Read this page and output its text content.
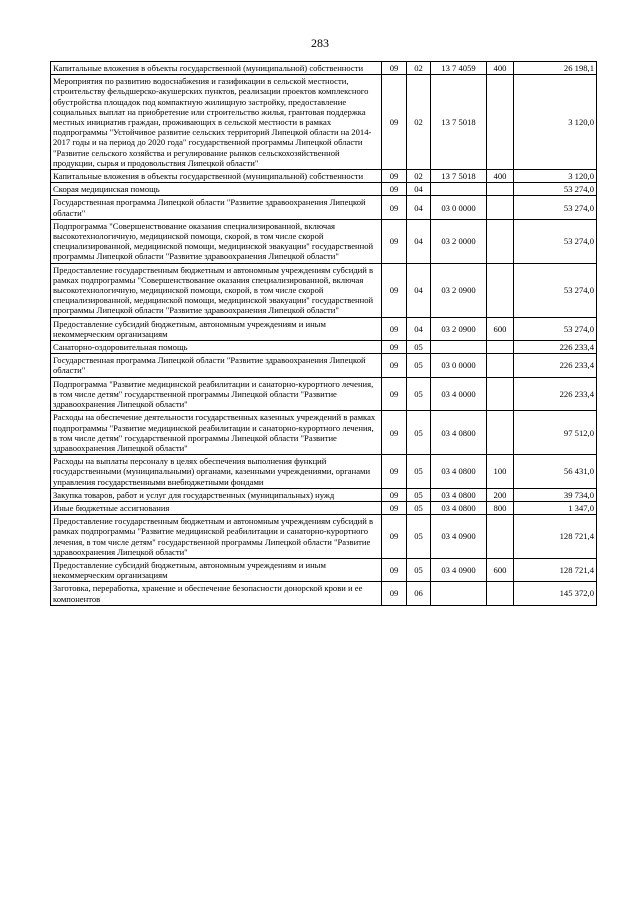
283
Капитальные вложения в объекты государственной (муниципальной) собственности	09	02	13 7 4059	400	26 198,1
Мероприятия по развитию водоснабжения и газификации в сельской местности, строительству фельдшерско-акушерских пунктов, реализации проектов комплексного обустройства площадок под компактную жилищную застройку, предоставление социальных выплат на приобретение или строительство жилья, грантовая поддержка местных инициатив граждан, проживающих в сельской местности в рамках подпрограммы "Устойчивое развитие сельских территорий Липецкой области на 2014-2017 годы и на период до 2020 года" государственной программы Липецкой области "Развитие сельского хозяйства и регулирование рынков сельскохозяйственной продукции, сырья и продовольствия Липецкой области"	09	02	13 7 5018		3 120,0
Капитальные вложения в объекты государственной (муниципальной) собственности	09	02	13 7 5018	400	3 120,0
Скорая медицинская помощь	09	04			53 274,0
Государственная программа Липецкой области "Развитие здравоохранения Липецкой области"	09	04	03 0 0000		53 274,0
Подпрограмма "Совершенствование оказания специализированной, включая высокотехнологичную, медицинской помощи, скорой, в том числе скорой специализированной, медицинской помощи, медицинской эвакуации" государственной программы Липецкой области "Развитие здравоохранения Липецкой области"	09	04	03 2 0000		53 274,0
Предоставление государственным бюджетным и автономным учреждениям субсидий в рамках подпрограммы "Совершенствование оказания специализированной, включая высокотехнологичную, медицинской помощи, скорой, в том числе скорой специализированной, медицинской помощи, медицинской эвакуации" государственной программы Липецкой области "Развитие здравоохранения Липецкой области"	09	04	03 2 0900		53 274,0
Предоставление субсидий бюджетным, автономным учреждениям и иным некоммерческим организациям	09	04	03 2 0900	600	53 274,0
Санаторно-оздоровительная помощь	09	05			226 233,4
Государственная программа Липецкой области "Развитие здравоохранения Липецкой области"	09	05	03 0 0000		226 233,4
Подпрограмма "Развитие медицинской реабилитации и санаторно-курортного лечения, в том числе детям" государственной программы Липецкой области "Развитие здравоохранения Липецкой области"	09	05	03 4 0000		226 233,4
Расходы на обеспечение деятельности государственных казенных учреждений в рамках подпрограммы "Развитие медицинской реабилитации и санаторно-курортного лечения, в том числе детям" государственной программы Липецкой области "Развитие здравоохранения Липецкой области"	09	05	03 4 0800		97 512,0
Расходы на выплаты персоналу в целях обеспечения выполнения функций государственными (муниципальными) органами, казенными учреждениями, органами управления государственными внебюджетными фондами	09	05	03 4 0800	100	56 431,0
Закупка товаров, работ и услуг для государственных (муниципальных) нужд	09	05	03 4 0800	200	39 734,0
Иные бюджетные ассигнования	09	05	03 4 0800	800	1 347,0
Предоставление государственным бюджетным и автономным учреждениям субсидий в рамках подпрограммы "Развитие медицинской реабилитации и санаторно-курортного лечения, в том числе детям" государственной программы Липецкой области "Развитие здравоохранения Липецкой области"	09	05	03 4 0900		128 721,4
Предоставление субсидий бюджетным, автономным учреждениям и иным некоммерческим организациям	09	05	03 4 0900	600	128 721,4
Заготовка, переработка, хранение и обеспечение безопасности донорской крови и ее компонентов	09	06			145 372,0
